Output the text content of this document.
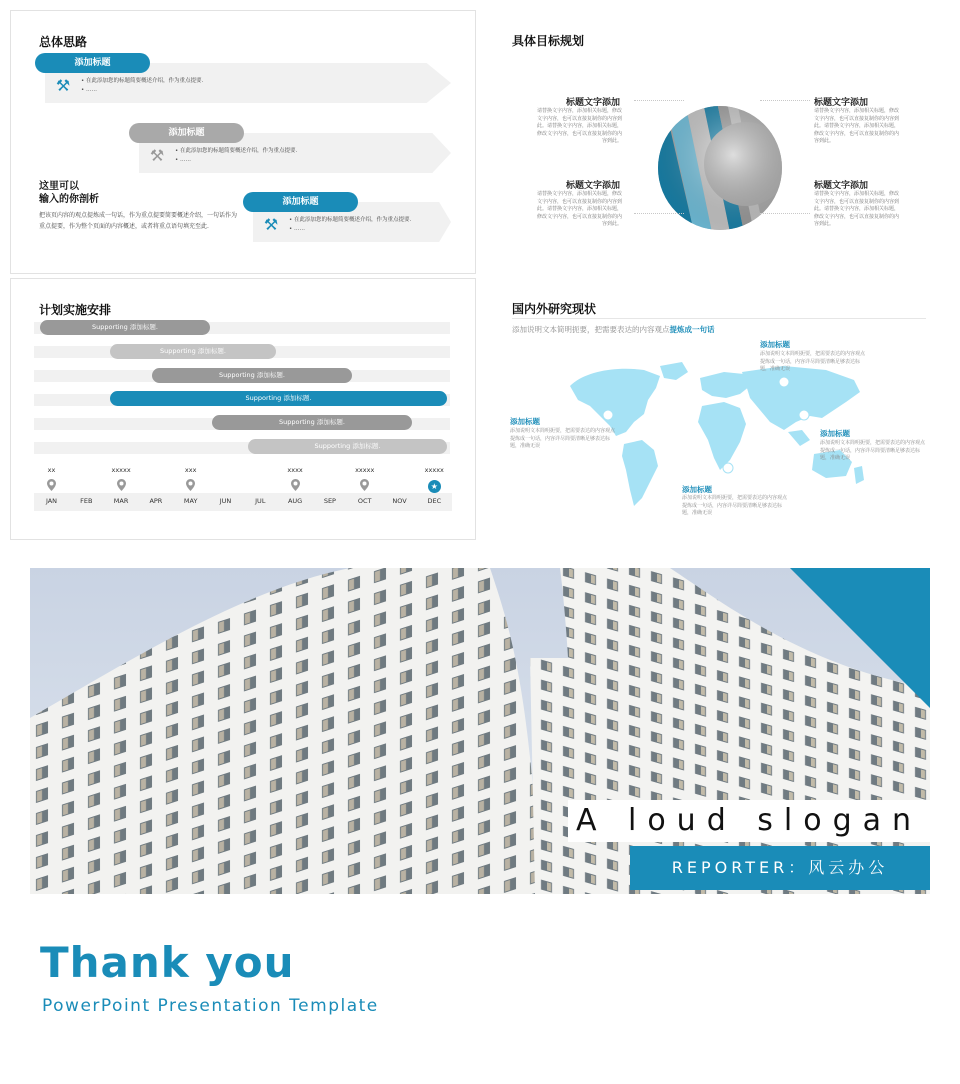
总体思路
添加标题
⚒	• 在此添加您的标题简要概述介绍，作为重点提要.
• ……
添加标题
⚒	• 在此添加您的标题简要概述介绍，作为重点提要.
• ……
添加标题
⚒	• 在此添加您的标题简要概述介绍，作为重点提要.
• ……
这里可以
输入的你剖析
把该页内容的观点提炼成一句话，作为重点提要简要概述介绍，一句话作为重点提要，作为整个页面的内容概述，或者将重点语句填充至此.
具体目标规划
标题文字添加
请替换文字内容，添加相关标题，修改文字内容，也可以直接复制你的内容到此。请替换文字内容，添加相关标题，修改文字内容，也可以直接复制你的内容到此。
标题文字添加
请替换文字内容，添加相关标题，修改文字内容，也可以直接复制你的内容到此。请替换文字内容，添加相关标题，修改文字内容，也可以直接复制你的内容到此。
标题文字添加
请替换文字内容，添加相关标题，修改文字内容，也可以直接复制你的内容到此。请替换文字内容，添加相关标题，修改文字内容，也可以直接复制你的内容到此。
标题文字添加
请替换文字内容，添加相关标题，修改文字内容，也可以直接复制你的内容到此。请替换文字内容，添加相关标题，修改文字内容，也可以直接复制你的内容到此。
计划实施安排
Supporting 添加标题.
Supporting 添加标题.
Supporting 添加标题.
Supporting 添加标题.
Supporting 添加标题.
Supporting 添加标题.
JAN	FEB	MAR	APR	MAY	JUN	JUL	AUG	SEP	OCT	NOV	DEC
xx	xxxxx	xxx	xxxx	xxxxx	xxxxx
★
国内外研究现状
添加说明文本简明扼要，把需要表达的内容观点提炼成一句话
添加标题
添加说明文本简明扼要，把需要表达的内容观点提炼成一句话，内容详尽简要清晰足够表达标题，准确无误
添加标题
添加说明文本简明扼要，把需要表达的内容观点提炼成一句话，内容详尽简要清晰足够表达标题，准确无误
添加标题
添加说明文本简明扼要，把需要表达的内容观点提炼成一句话，内容详尽简要清晰足够表达标题，准确无误
添加标题
添加说明文本简明扼要，把需要表达的内容观点提炼成一句话，内容详尽简要清晰足够表达标题，准确无误
A loud slogan
REPORTER：风云办公
Thank you
PowerPoint Presentation Template
